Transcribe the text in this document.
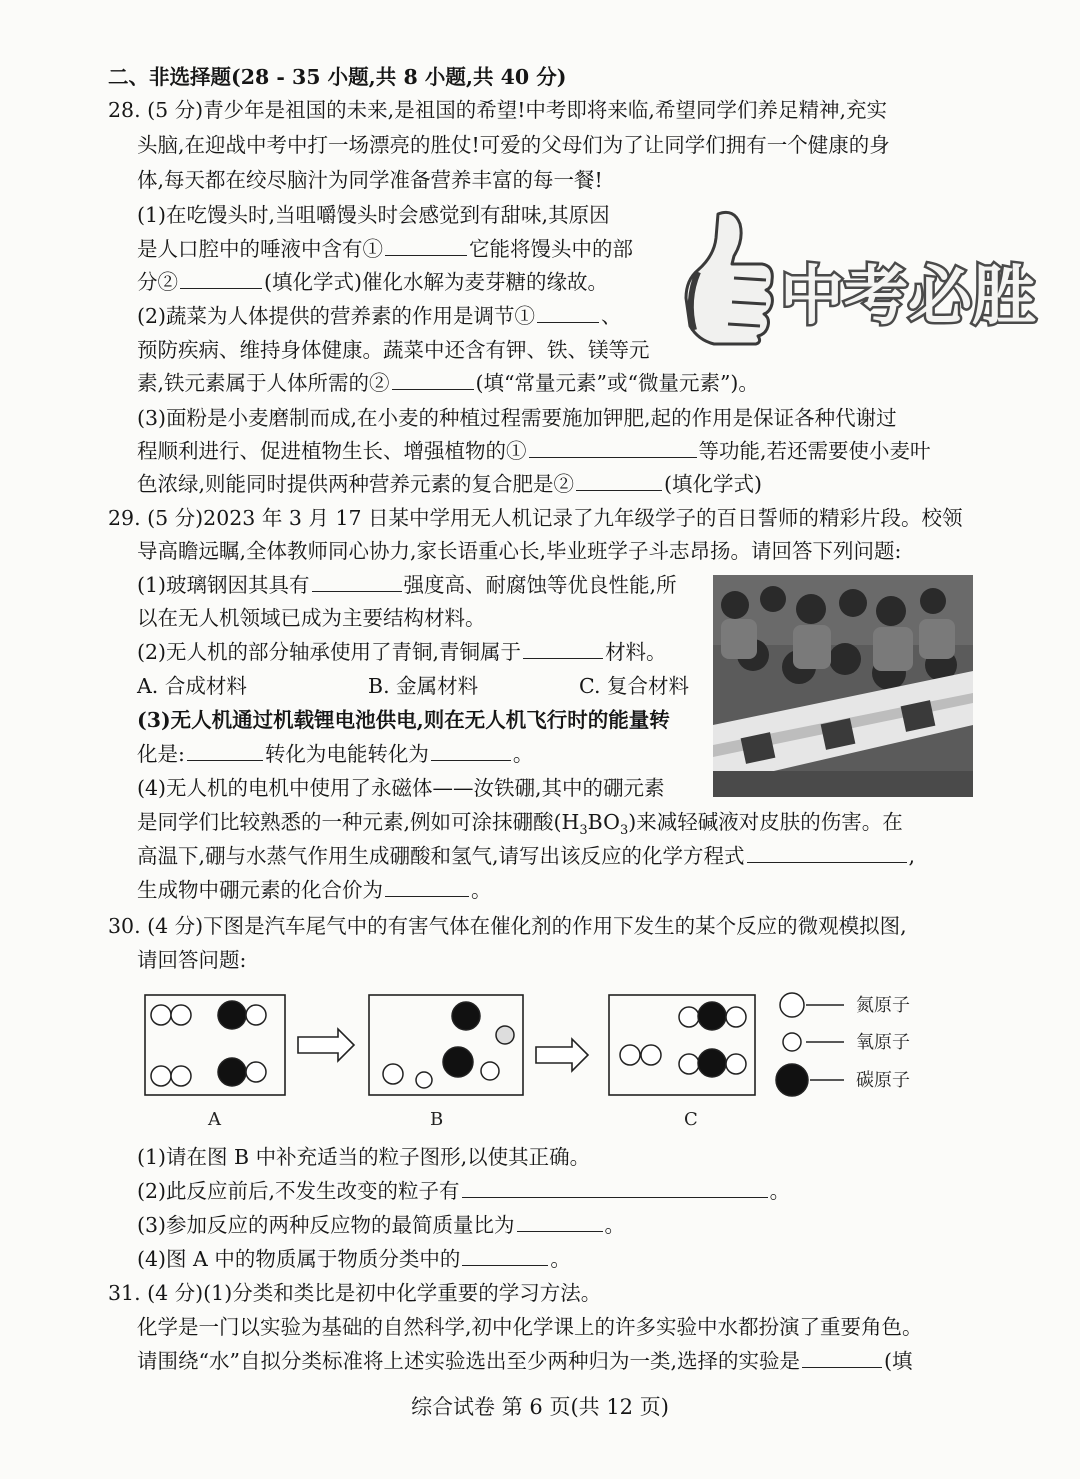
二、非选择题(28 - 35 小题,共 8 小题,共 40 分)
28. (5 分)青少年是祖国的未来,是祖国的希望!中考即将来临,希望同学们养足精神,充实
头脑,在迎战中考中打一场漂亮的胜仗!可爱的父母们为了让同学们拥有一个健康的身
体,每天都在绞尽脑汁为同学准备营养丰富的每一餐!
(1)在吃馒头时,当咀嚼馒头时会感觉到有甜味,其原因
是人口腔中的唾液中含有①	它能将馒头中的部
分②	(填化学式)催化水解为麦芽糖的缘故。
(2)蔬菜为人体提供的营养素的作用是调节①	、
预防疾病、维持身体健康。蔬菜中还含有钾、铁、镁等元
素,铁元素属于人体所需的②	(填“常量元素”或“微量元素”)。
(3)面粉是小麦磨制而成,在小麦的种植过程需要施加钾肥,起的作用是保证各种代谢过
程顺利进行、促进植物生长、增强植物的①	等功能,若还需要使小麦叶
色浓绿,则能同时提供两种营养元素的复合肥是②	(填化学式)
中考必胜
29. (5 分)2023 年 3 月 17 日某中学用无人机记录了九年级学子的百日誓师的精彩片段。校领
导高瞻远瞩,全体教师同心协力,家长语重心长,毕业班学子斗志昂扬。请回答下列问题:
(1)玻璃钢因其具有	强度高、耐腐蚀等优良性能,所
以在无人机领域已成为主要结构材料。
(2)无人机的部分轴承使用了青铜,青铜属于	材料。
A. 合成材料	B. 金属材料	C. 复合材料
(3)无人机通过机载锂电池供电,则在无人机飞行时的能量转
化是:	转化为电能转化为	。
(4)无人机的电机中使用了永磁体——汝铁硼,其中的硼元素
是同学们比较熟悉的一种元素,例如可涂抹硼酸$(H_3BO_3)$来减轻碱液对皮肤的伤害。在
高温下,硼与水蒸气作用生成硼酸和氢气,请写出该反应的化学方程式	,
生成物中硼元素的化合价为	。
30. (4 分)下图是汽车尾气中的有害气体在催化剂的作用下发生的某个反应的微观模拟图,
请回答问题:
氮原子
氧原子
碳原子
A	B	C
(1)请在图 B 中补充适当的粒子图形,以使其正确。
(2)此反应前后,不发生改变的粒子有	。
(3)参加反应的两种反应物的最简质量比为	。
(4)图 A 中的物质属于物质分类中的	。
31. (4 分)(1)分类和类比是初中化学重要的学习方法。
化学是一门以实验为基础的自然科学,初中化学课上的许多实验中水都扮演了重要角色。
请围绕“水”自拟分类标准将上述实验选出至少两种归为一类,选择的实验是	(填
综合试卷 第 6 页(共 12 页)
